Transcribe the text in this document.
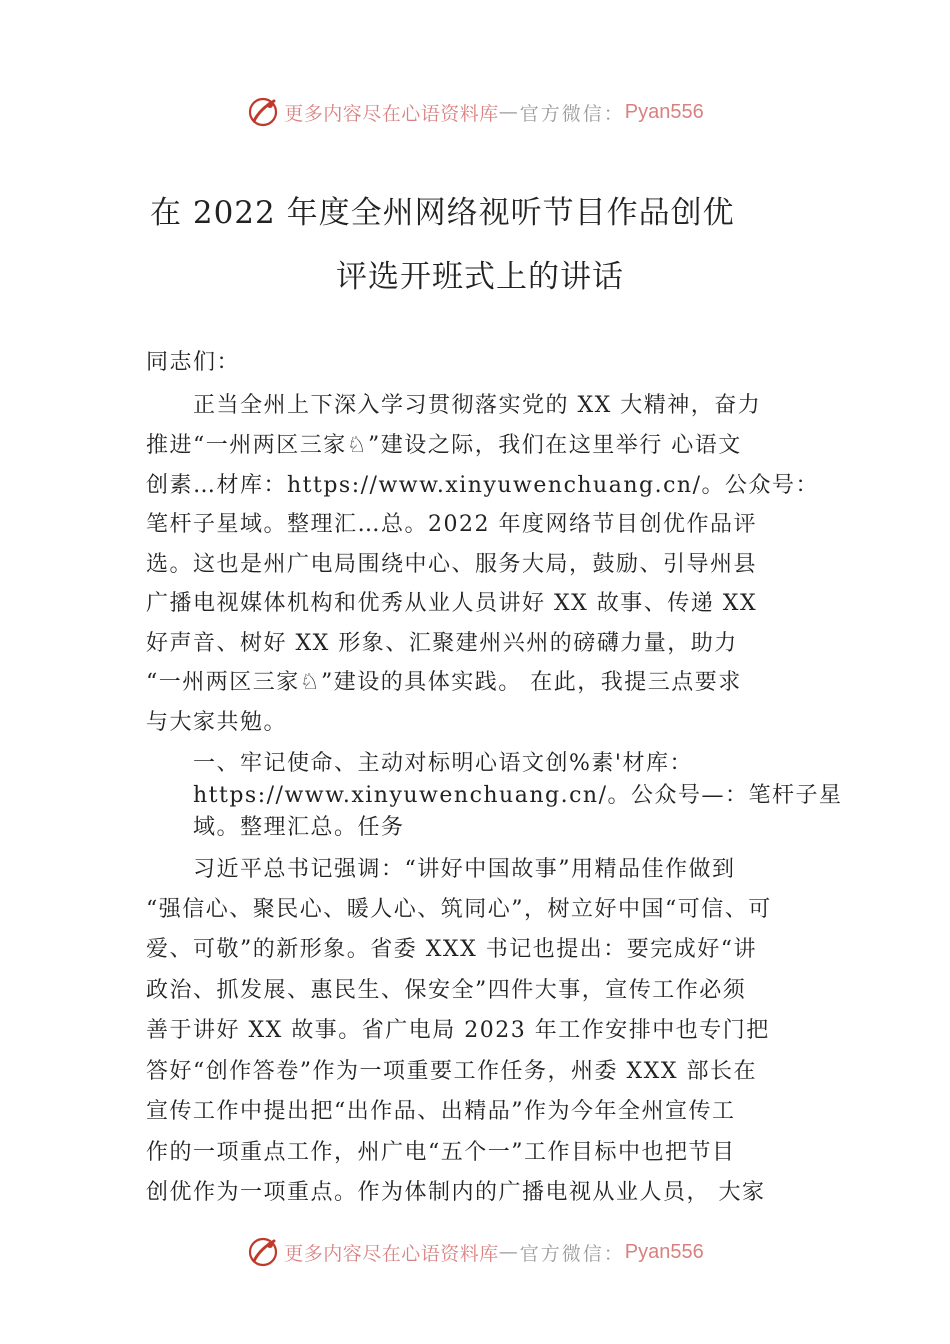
更多内容尽在心语资料库 — 官方微信： Pyan556
在 2022 年度全州网络视听节目作品创优
评选开班式上的讲话
同志们：
　　正当全州上下深入学习贯彻落实党的 XX 大精神，奋力
推进“一州两区三家♘”建设之际，我们在这里举行 心语文
创素…材库：https://www.xinyuwenchuang.cn/。公众号：
笔杆子星域。整理汇…总。2022 年度网络节目创优作品评
选。这也是州广电局围绕中心、服务大局，鼓励、引导州县
广播电视媒体机构和优秀从业人员讲好 XX 故事、传递 XX
好声音、树好 XX 形象、汇聚建州兴州的磅礴力量，助力
“一州两区三家♘”建设的具体实践。 在此，我提三点要求
与大家共勉。
　　一、牢记使命、主动对标明心语文创%素'材库：
　　https://www.xinyuwenchuang.cn/。公众号—：笔杆子星
　　域。整理汇总。任务
　　习近平总书记强调：“讲好中国故事”用精品佳作做到
“强信心、聚民心、暖人心、筑同心”，树立好中国“可信、可
爱、可敬”的新形象。省委 XXX 书记也提出：要完成好“讲
政治、抓发展、惠民生、保安全”四件大事，宣传工作必须
善于讲好 XX 故事。省广电局 2023 年工作安排中也专门把
答好“创作答卷”作为一项重要工作任务，州委 XXX 部长在
宣传工作中提出把“出作品、出精品”作为今年全州宣传工
作的一项重点工作，州广电“五个一”工作目标中也把节目
创优作为一项重点。作为体制内的广播电视从业人员， 大家
更多内容尽在心语资料库 — 官方微信： Pyan556
